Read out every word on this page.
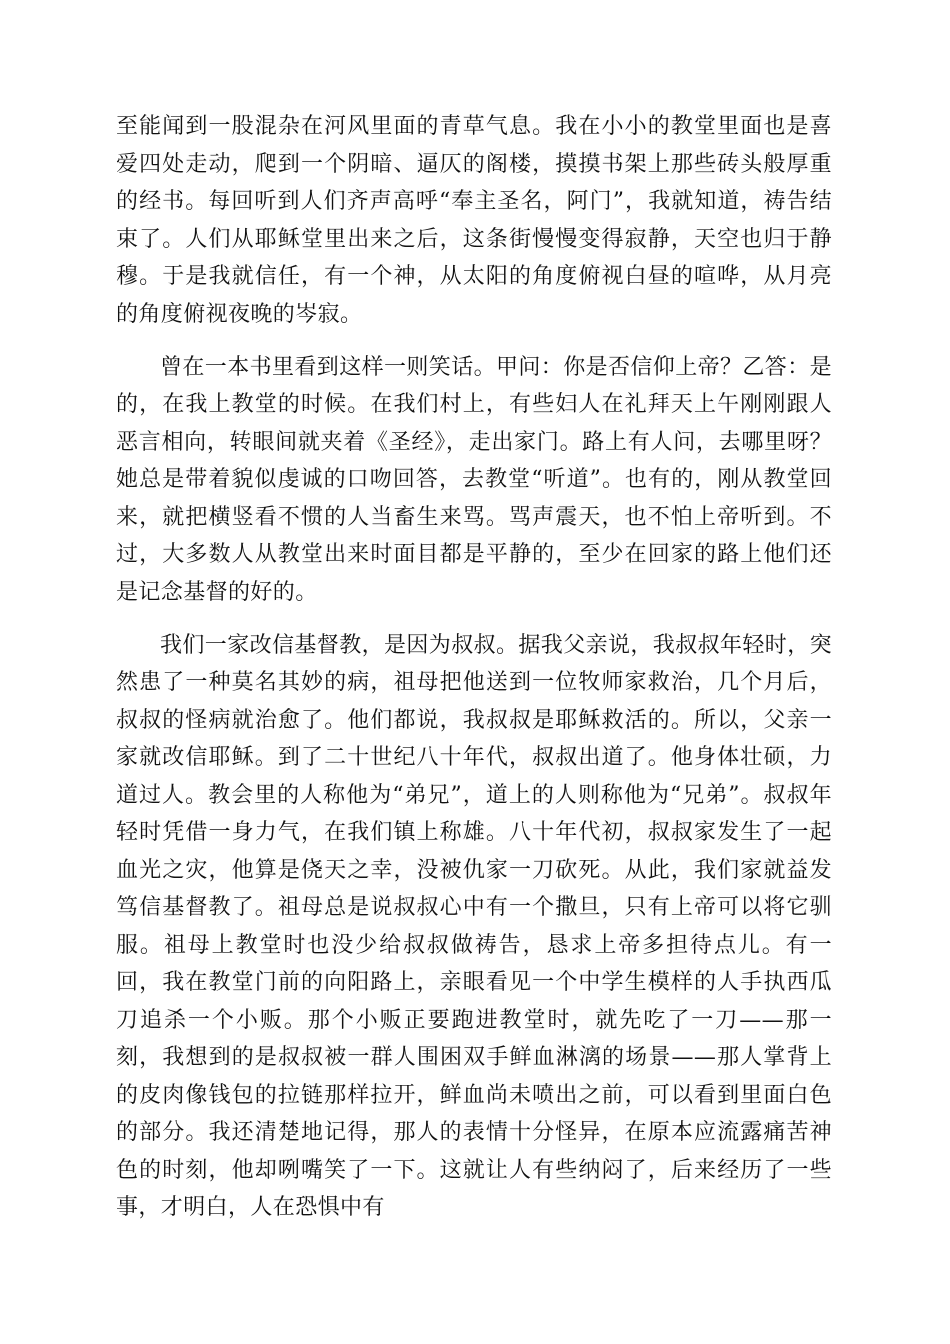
至能闻到一股混杂在河风里面的青草气息。我在小小的教堂里面也是喜爱四处走动，爬到一个阴暗、逼仄的阁楼，摸摸书架上那些砖头般厚重的经书。每回听到人们齐声高呼“奉主圣名，阿门”，我就知道，祷告结束了。人们从耶稣堂里出来之后，这条街慢慢变得寂静，天空也归于静穆。于是我就信任，有一个神，从太阳的角度俯视白昼的喧哗，从月亮的角度俯视夜晚的岑寂。

曾在一本书里看到这样一则笑话。甲问：你是否信仰上帝？乙答：是的，在我上教堂的时候。在我们村上，有些妇人在礼拜天上午刚刚跟人恶言相向，转眼间就夹着《圣经》，走出家门。路上有人问，去哪里呀？她总是带着貌似虔诚的口吻回答，去教堂“听道”。也有的，刚从教堂回来，就把横竖看不惯的人当畜生来骂。骂声震天，也不怕上帝听到。不过，大多数人从教堂出来时面目都是平静的，至少在回家的路上他们还是记念基督的好的。

我们一家改信基督教，是因为叔叔。据我父亲说，我叔叔年轻时，突然患了一种莫名其妙的病，祖母把他送到一位牧师家救治，几个月后，叔叔的怪病就治愈了。他们都说，我叔叔是耶稣救活的。所以，父亲一家就改信耶稣。到了二十世纪八十年代，叔叔出道了。他身体壮硕，力道过人。教会里的人称他为“弟兄”，道上的人则称他为“兄弟”。叔叔年轻时凭借一身力气，在我们镇上称雄。八十年代初，叔叔家发生了一起血光之灾，他算是侥天之幸，没被仇家一刀砍死。从此，我们家就益发笃信基督教了。祖母总是说叔叔心中有一个撒旦，只有上帝可以将它驯服。祖母上教堂时也没少给叔叔做祷告，恳求上帝多担待点儿。有一回，我在教堂门前的向阳路上，亲眼看见一个中学生模样的人手执西瓜刀追杀一个小贩。那个小贩正要跑进教堂时，就先吃了一刀——那一刻，我想到的是叔叔被一群人围困双手鲜血淋漓的场景——那人掌背上的皮肉像钱包的拉链那样拉开，鲜血尚未喷出之前，可以看到里面白色的部分。我还清楚地记得，那人的表情十分怪异，在原本应流露痛苦神色的时刻，他却咧嘴笑了一下。这就让人有些纳闷了，后来经历了一些事，才明白，人在恐惧中有
